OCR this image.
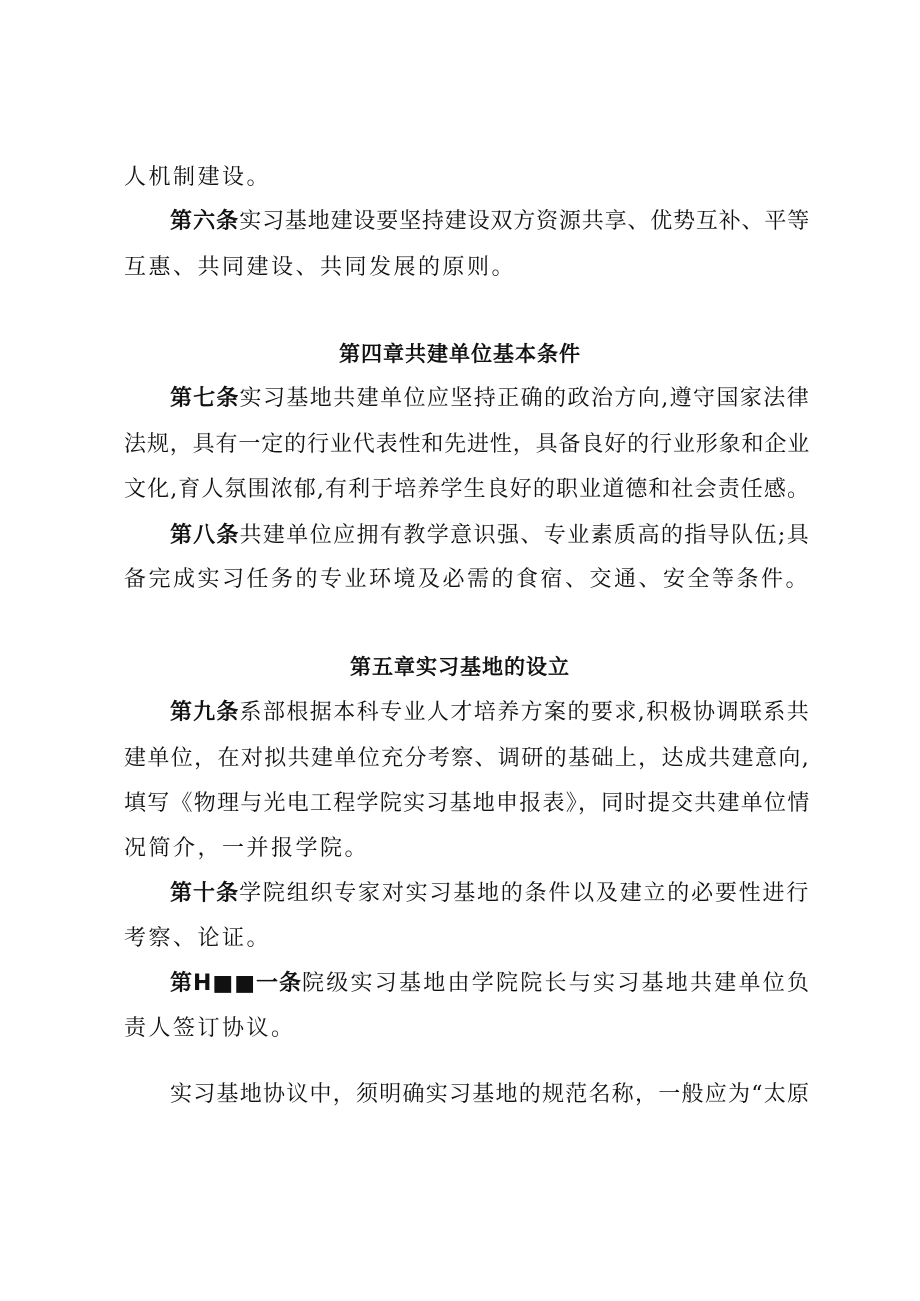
人机制建设。
第六条实习基地建设要坚持建设双方资源共享、优势互补、平等
互惠、共同建设、共同发展的原则。
第四章共建单位基本条件
第七条实习基地共建单位应坚持正确的政治方向,遵守国家法律
法规，具有一定的行业代表性和先进性，具备良好的行业形象和企业
文化,育人氛围浓郁,有利于培养学生良好的职业道德和社会责任感。
第八条共建单位应拥有教学意识强、专业素质高的指导队伍;具
备完成实习任务的专业环境及必需的食宿、交通、安全等条件。
第五章实习基地的设立
第九条系部根据本科专业人才培养方案的要求,积极协调联系共
建单位，在对拟共建单位充分考察、调研的基础上，达成共建意向,
填写《物理与光电工程学院实习基地申报表》，同时提交共建单位情
况简介，一并报学院。
第十条学院组织专家对实习基地的条件以及建立的必要性进行
考察、论证。
第H■■一条院级实习基地由学院院长与实习基地共建单位负
责人签订协议。
实习基地协议中，须明确实习基地的规范名称，一般应为“太原
